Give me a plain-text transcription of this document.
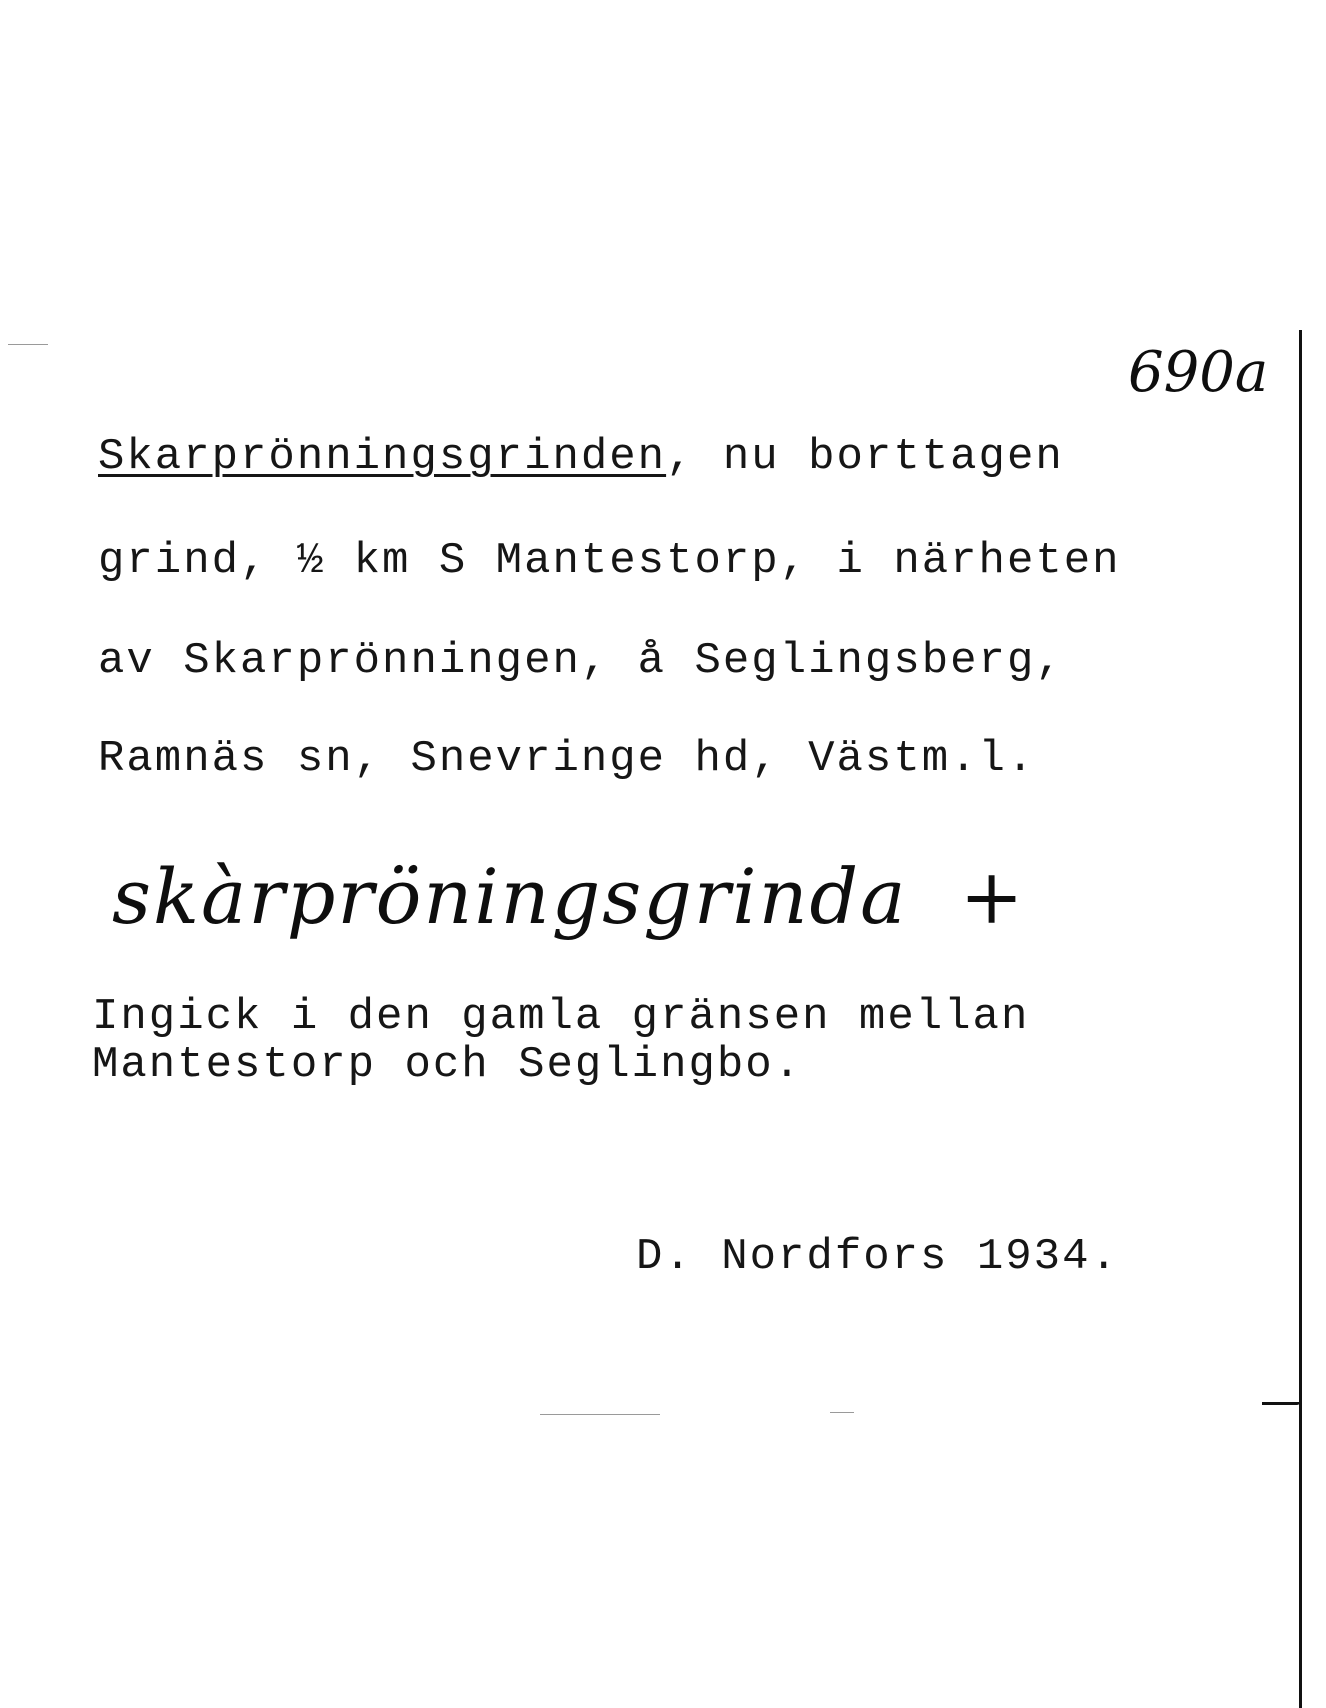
690a
Skarprönningsgrinden, nu borttagen
grind, ½ km S Mantestorp, i närheten
av Skarprönningen, å Seglingsberg,
Ramnäs sn, Snevringe hd, Västm.l.
skàrpröningsgrinda  +
Ingick i den gamla gränsen mellan
Mantestorp och Seglingbo.
D. Nordfors 1934.
